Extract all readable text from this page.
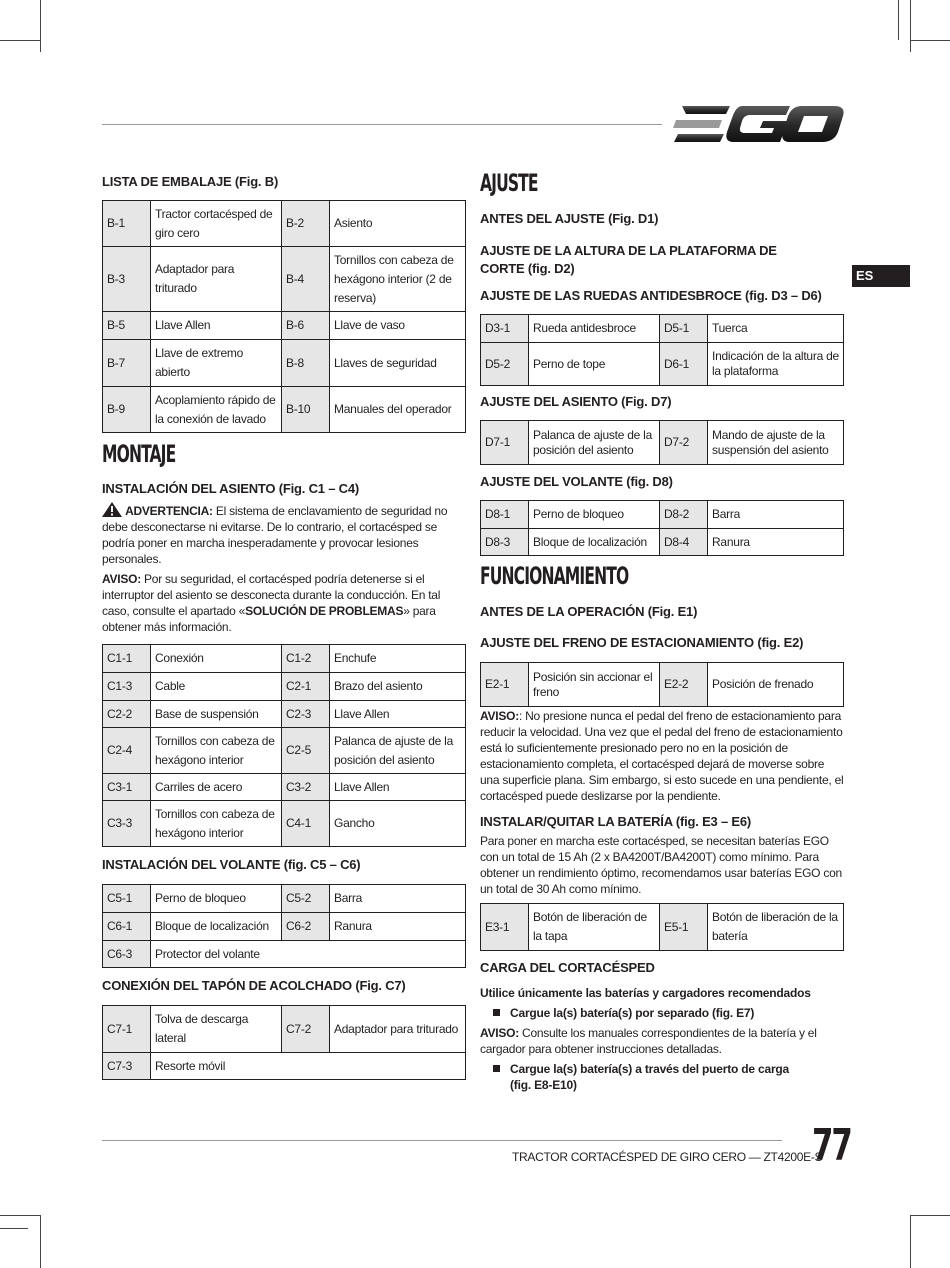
ES
LISTA DE EMBALAJE (Fig. B)
B-1	Tractor cortacésped de giro cero	B-2	Asiento
B-3	Adaptador para triturado	B-4	Tornillos con cabeza de hexágono interior (2 de reserva)
B-5	Llave Allen	B-6	Llave de vaso
B-7	Llave de extremo abierto	B-8	Llaves de seguridad
B-9	Acoplamiento rápido de la conexión de lavado	B-10	Manuales del operador
MONTAJE
INSTALACIÓN DEL ASIENTO (Fig. C1 – C4)

ADVERTENCIA: El sistema de enclavamiento de seguridad no debe desconectarse ni evitarse. De lo contrario, el cortacésped se podría poner en marcha inesperadamente y provocar lesiones personales.

AVISO: Por su seguridad, el cortacésped podría detenerse si el interruptor del asiento se desconecta durante la conducción. En tal caso, consulte el apartado «SOLUCIÓN DE PROBLEMAS» para obtener más información.

C1-1	Conexión	C1-2	Enchufe
C1-3	Cable	C2-1	Brazo del asiento
C2-2	Base de suspensión	C2-3	Llave Allen
C2-4	Tornillos con cabeza de hexágono interior	C2-5	Palanca de ajuste de la posición del asiento
C3-1	Carriles de acero	C3-2	Llave Allen
C3-3	Tornillos con cabeza de hexágono interior	C4-1	Gancho
INSTALACIÓN DEL VOLANTE (fig. C5 – C6)
C5-1	Perno de bloqueo	C5-2	Barra
C6-1	Bloque de localización	C6-2	Ranura
C6-3	Protector del volante		
CONEXIÓN DEL TAPÓN DE ACOLCHADO (Fig. C7)
C7-1	Tolva de descarga lateral	C7-2	Adaptador para triturado
C7-3	Resorte móvil		
AJUSTE
ANTES DEL AJUSTE (Fig. D1)
AJUSTE DE LA ALTURA DE LA PLATAFORMA DE CORTE (fig. D2)
AJUSTE DE LAS RUEDAS ANTIDESBROCE (fig. D3 – D6)
D3-1	Rueda antidesbroce	D5-1	Tuerca
D5-2	Perno de tope	D6-1	Indicación de la altura de la plataforma
AJUSTE DEL ASIENTO (Fig. D7)
D7-1	Palanca de ajuste de la posición del asiento	D7-2	Mando de ajuste de la suspensión del asiento
AJUSTE DEL VOLANTE (fig. D8)
D8-1	Perno de bloqueo	D8-2	Barra
D8-3	Bloque de localización	D8-4	Ranura
FUNCIONAMIENTO
ANTES DE LA OPERACIÓN (Fig. E1)
AJUSTE DEL FRENO DE ESTACIONAMIENTO (fig. E2)
E2-1	Posición sin accionar el freno	E2-2	Posición de frenado

AVISO:: No presione nunca el pedal del freno de estacionamiento para reducir la velocidad. Una vez que el pedal del freno de estacionamiento está lo suficientemente presionado pero no en la posición de estacionamiento completa, el cortacésped dejará de moverse sobre una superficie plana. Sim embargo, si esto sucede en una pendiente, el cortacésped puede deslizarse por la pendiente.

INSTALAR/QUITAR LA BATERÍA (fig. E3 – E6)

Para poner en marcha este cortacésped, se necesitan baterías EGO con un total de 15 Ah (2 x BA4200T/BA4200T) como mínimo. Para obtener un rendimiento óptimo, recomendamos usar baterías EGO con un total de 30 Ah como mínimo.

E3-1	Botón de liberación de la tapa	E5-1	Botón de liberación de la batería
CARGA DEL CORTACÉSPED

Utilice únicamente las baterías y cargadores recomendados

Cargue la(s) batería(s) por separado (fig. E7)

AVISO: Consulte los manuales correspondientes de la batería y el cargador para obtener instrucciones detalladas.

Cargue la(s) batería(s) a través del puerto de carga
(fig. E8-E10)

TRACTOR CORTACÉSPED DE GIRO CERO — ZT4200E-S
77
